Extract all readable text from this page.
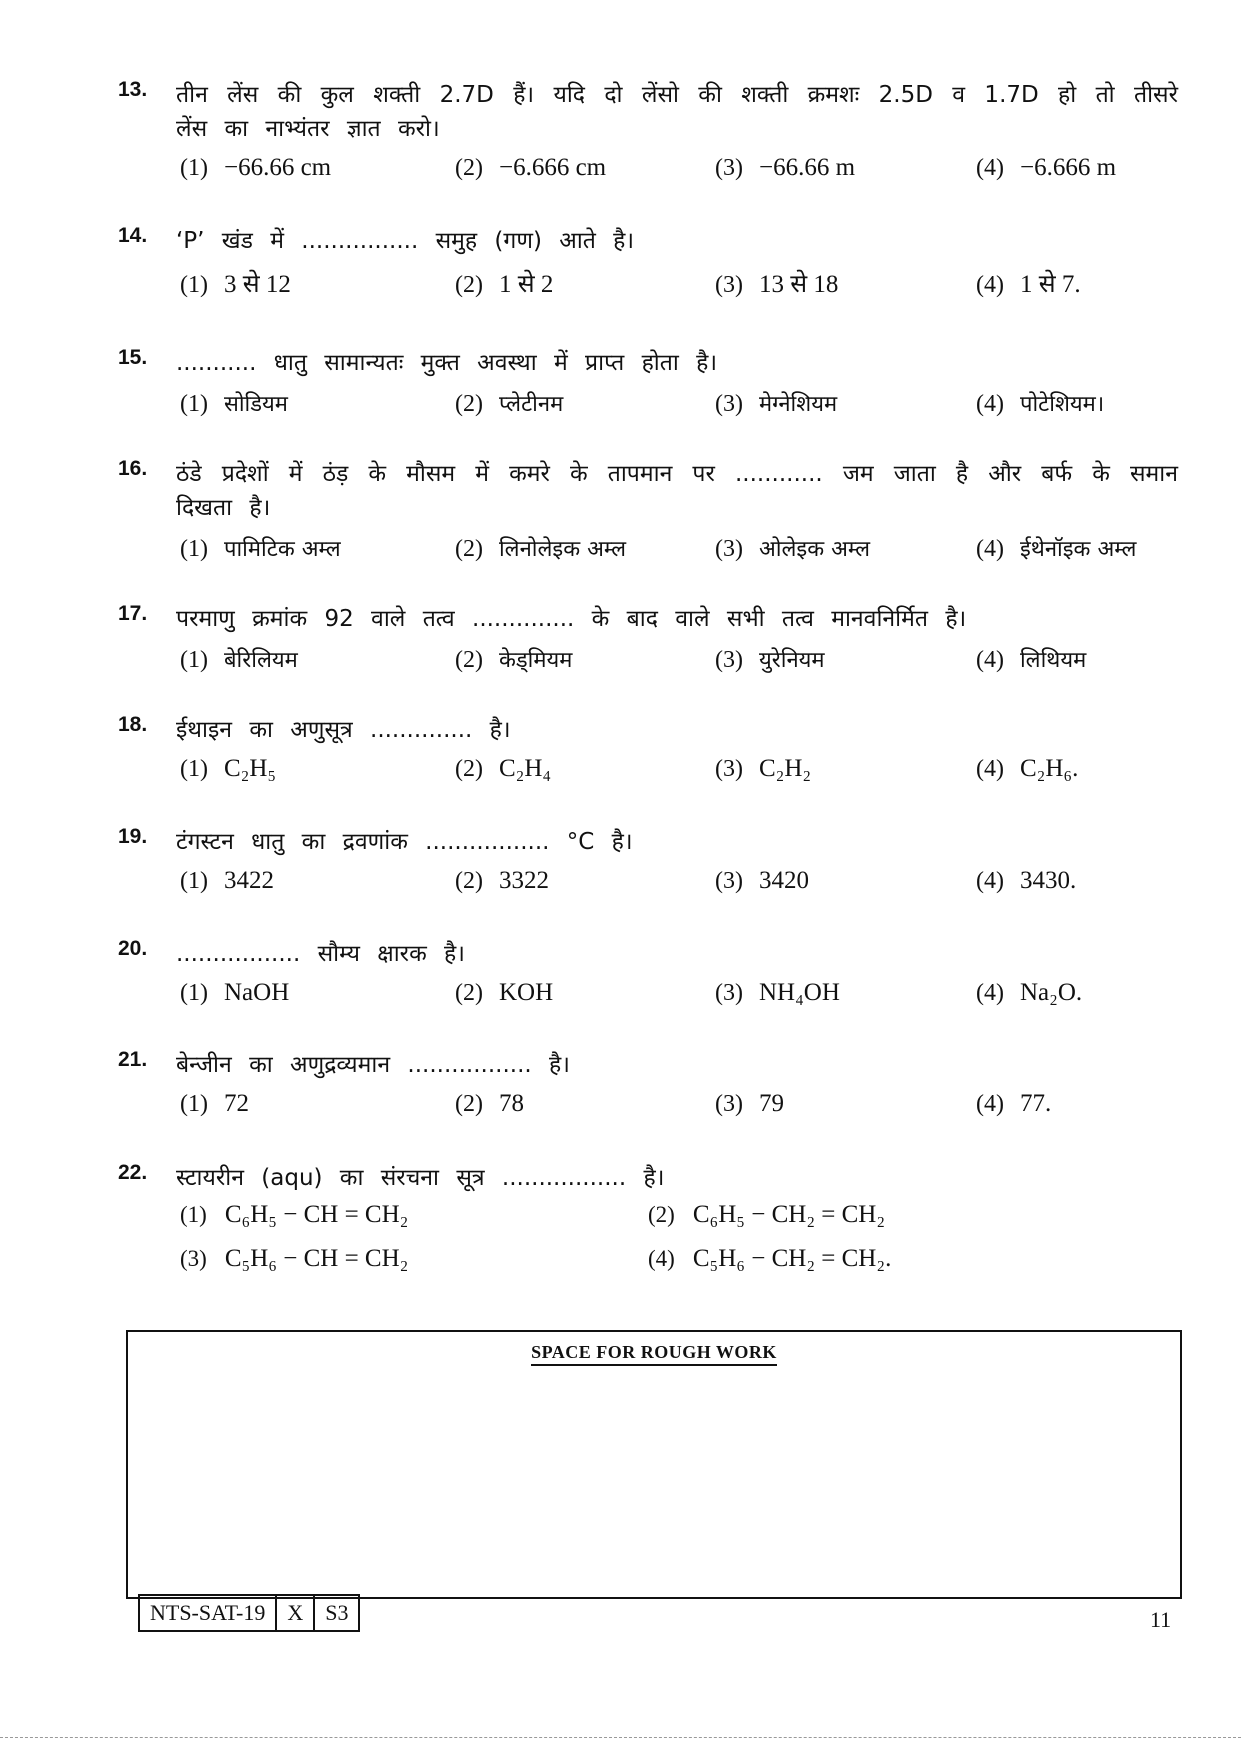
13.	तीन लेंस की कुल शक्ती 2.7D हैं। यदि दो लेंसो की शक्ती क्रमशः 2.5D व 1.7D हो तो तीसरे लेंस का नाभ्यंतर ज्ञात करो।
(1) −66.66 cm	(2) −6.666 cm	(3) −66.66 m	(4) −6.666 m
14.	‘P’ खंड में ................ समुह (गण) आते है।
(1) 3 से 12	(2) 1 से 2	(3) 13 से 18	(4) 1 से 7.
15.	........... धातु सामान्यतः मुक्त अवस्था में प्राप्त होता है।
(1) सोडियम	(2) प्लेटीनम	(3) मेग्नेशियम	(4) पोटेशियम।
16.	ठंडे प्रदेशों में ठंड़ के मौसम में कमरे के तापमान पर ............ जम जाता है और बर्फ के समान दिखता है।
(1) पामिटिक अम्ल	(2) लिनोलेइक अम्ल	(3) ओलेइक अम्ल	(4) ईथेनॉइक अम्ल
17.	परमाणु क्रमांक 92 वाले तत्व .............. के बाद वाले सभी तत्व मानवनिर्मित है।
(1) बेरिलियम	(2) केड्मियम	(3) युरेनियम	(4) लिथियम
18.	ईथाइन का अणुसूत्र .............. है।
(1) C₂H₅	(2) C₂H₄	(3) C₂H₂	(4) C₂H₆.
19.	टंगस्टन धातु का द्रवणांक ................. °C है।
(1) 3422	(2) 3322	(3) 3420	(4) 3430.
20.	................. सौम्य क्षारक है।
(1) NaOH	(2) KOH	(3) NH₄OH	(4) Na₂O.
21.	बेन्जीन का अणुद्रव्यमान ................. है।
(1) 72	(2) 78	(3) 79	(4) 77.
22.	स्टायरीन (aqu) का संरचना सूत्र ................. है।
(1) C₆H₅ − CH = CH₂	(2) C₆H₅ − CH₂ = CH₂
(3) C₅H₆ − CH = CH₂	(4) C₅H₆ − CH₂ = CH₂.
SPACE FOR ROUGH WORK
NTS-SAT-19	X	S3	11
